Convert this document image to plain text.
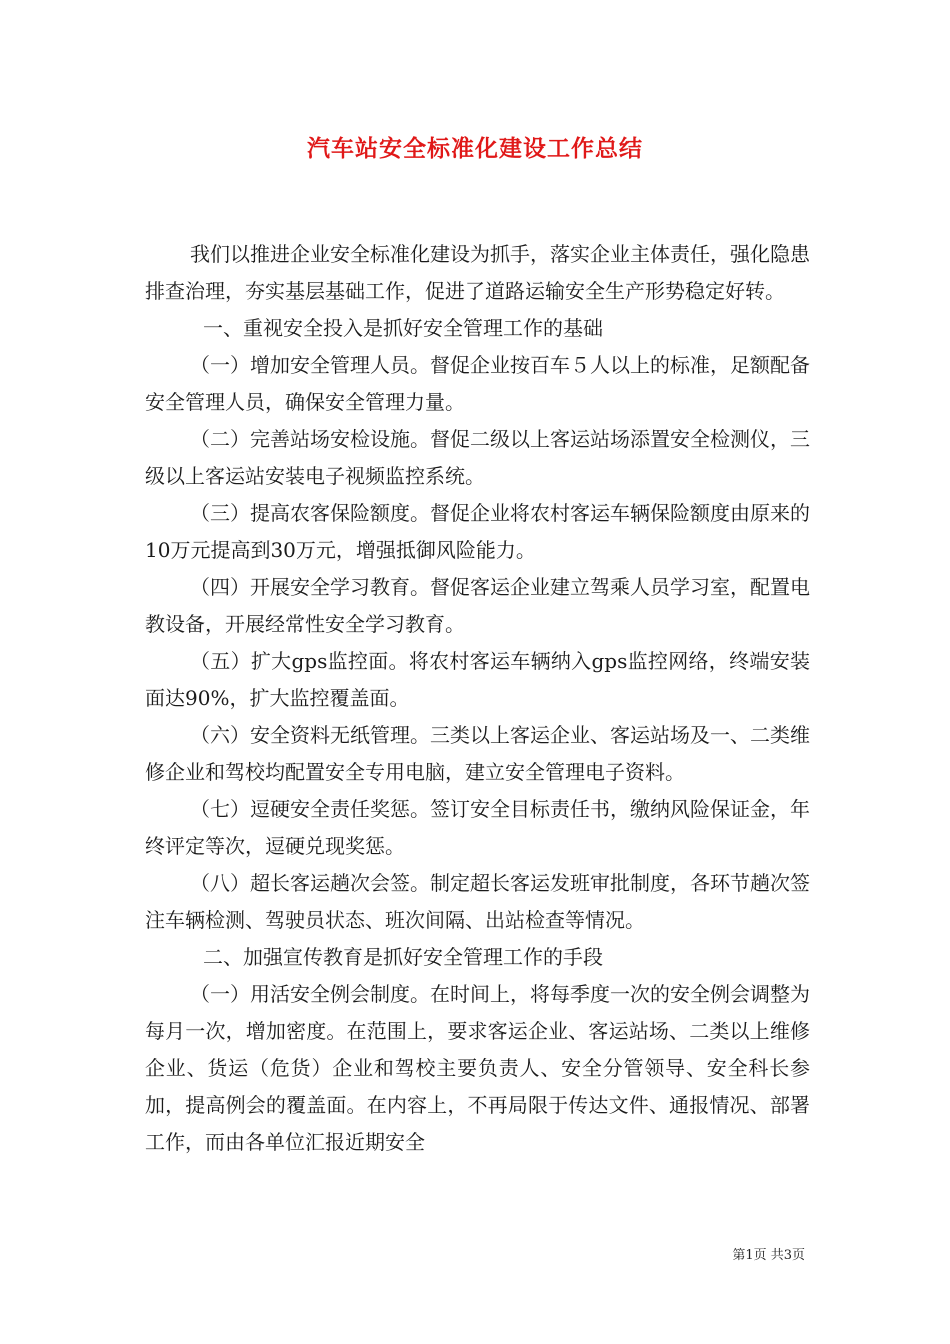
汽车站安全标准化建设工作总结

我们以推进企业安全标准化建设为抓手，落实企业主体责任，强化隐患排查治理，夯实基层基础工作，促进了道路运输安全生产形势稳定好转。

一、重视安全投入是抓好安全管理工作的基础

（一）增加安全管理人员。督促企业按百车５人以上的标准，足额配备安全管理人员，确保安全管理力量。

（二）完善站场安检设施。督促二级以上客运站场添置安全检测仪，三级以上客运站安装电子视频监控系统。

（三）提高农客保险额度。督促企业将农村客运车辆保险额度由原来的10万元提高到30万元，增强抵御风险能力。

（四）开展安全学习教育。督促客运企业建立驾乘人员学习室，配置电教设备，开展经常性安全学习教育。

（五）扩大gps监控面。将农村客运车辆纳入gps监控网络，终端安装面达90%，扩大监控覆盖面。

（六）安全资料无纸管理。三类以上客运企业、客运站场及一、二类维修企业和驾校均配置安全专用电脑，建立安全管理电子资料。

（七）逗硬安全责任奖惩。签订安全目标责任书，缴纳风险保证金，年终评定等次，逗硬兑现奖惩。

（八）超长客运趟次会签。制定超长客运发班审批制度，各环节趟次签注车辆检测、驾驶员状态、班次间隔、出站检查等情况。

二、加强宣传教育是抓好安全管理工作的手段

（一）用活安全例会制度。在时间上，将每季度一次的安全例会调整为每月一次，增加密度。在范围上，要求客运企业、客运站场、二类以上维修企业、货运（危货）企业和驾校主要负责人、安全分管领导、安全科长参加，提高例会的覆盖面。在内容上，不再局限于传达文件、通报情况、部署工作，而由各单位汇报近期安全

第1页 共3页
